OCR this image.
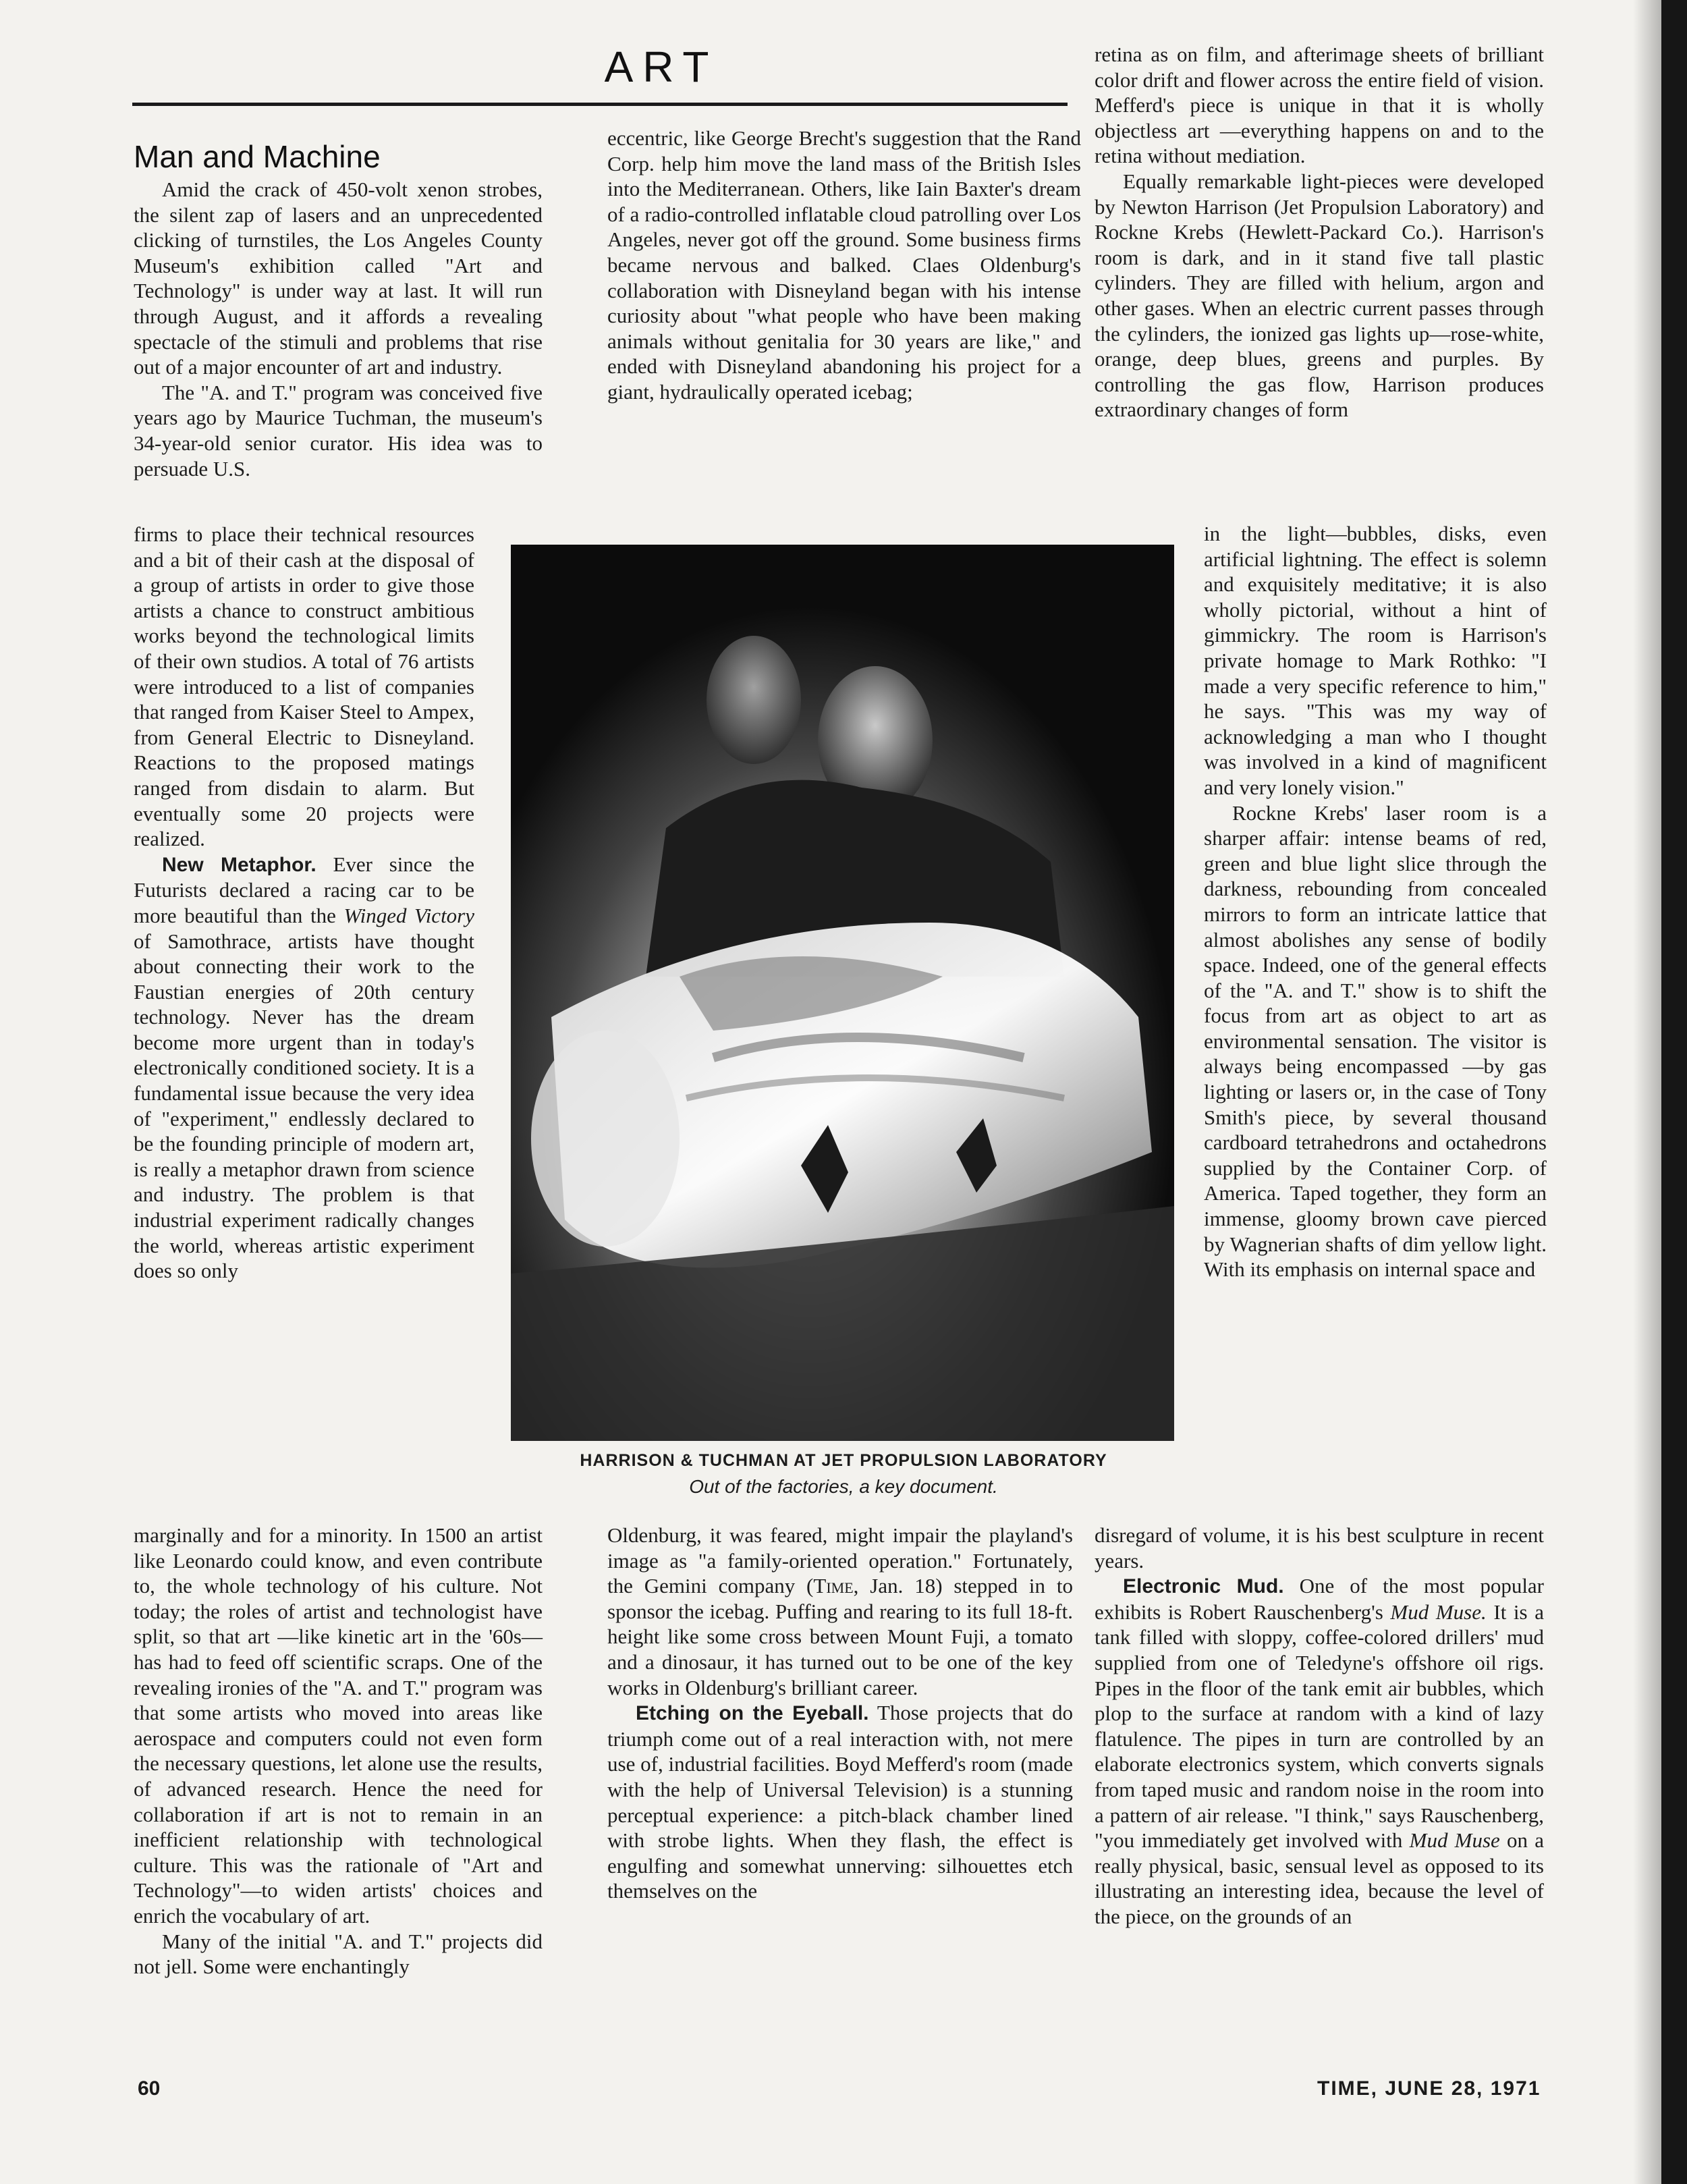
ART
Man and Machine

Amid the crack of 450-volt xenon strobes, the silent zap of lasers and an unprecedented clicking of turnstiles, the Los Angeles County Museum's exhibition called "Art and Technology" is under way at last. It will run through August, and it affords a revealing spectacle of the stimuli and problems that rise out of a major encounter of art and industry.

The "A. and T." program was conceived five years ago by Maurice Tuchman, the museum's 34-year-old senior curator. His idea was to persuade U.S.

firms to place their technical resources and a bit of their cash at the disposal of a group of artists in order to give those artists a chance to construct ambitious works beyond the technological limits of their own studios. A total of 76 artists were introduced to a list of companies that ranged from Kaiser Steel to Ampex, from General Electric to Disneyland. Reactions to the proposed matings ranged from disdain to alarm. But eventually some 20 projects were realized.

New Metaphor. Ever since the Futurists declared a racing car to be more beautiful than the Winged Victory of Samothrace, artists have thought about connecting their work to the Faustian energies of 20th century technology. Never has the dream become more urgent than in today's electronically conditioned society. It is a fundamental issue because the very idea of "experiment," endlessly declared to be the founding principle of modern art, is really a metaphor drawn from science and industry. The problem is that industrial experiment radically changes the world, whereas artistic experiment does so only

marginally and for a minority. In 1500 an artist like Leonardo could know, and even contribute to, the whole technology of his culture. Not today; the roles of artist and technologist have split, so that art —like kinetic art in the '60s—has had to feed off scientific scraps. One of the revealing ironies of the "A. and T." program was that some artists who moved into areas like aerospace and computers could not even form the necessary questions, let alone use the results, of advanced research. Hence the need for collaboration if art is not to remain in an inefficient relationship with technological culture. This was the rationale of "Art and Technology"—to widen artists' choices and enrich the vocabulary of art.

Many of the initial "A. and T." projects did not jell. Some were enchantingly

eccentric, like George Brecht's suggestion that the Rand Corp. help him move the land mass of the British Isles into the Mediterranean. Others, like Iain Baxter's dream of a radio-controlled inflatable cloud patrolling over Los Angeles, never got off the ground. Some business firms became nervous and balked. Claes Oldenburg's collaboration with Disneyland began with his intense curiosity about "what people who have been making animals without genitalia for 30 years are like," and ended with Disneyland abandoning his project for a giant, hydraulically operated icebag;

Oldenburg, it was feared, might impair the playland's image as "a family-oriented operation." Fortunately, the Gemini company (Time, Jan. 18) stepped in to sponsor the icebag. Puffing and rearing to its full 18-ft. height like some cross between Mount Fuji, a tomato and a dinosaur, it has turned out to be one of the key works in Oldenburg's brilliant career.

Etching on the Eyeball. Those projects that do triumph come out of a real interaction with, not mere use of, industrial facilities. Boyd Mefferd's room (made with the help of Universal Television) is a stunning perceptual experience: a pitch-black chamber lined with strobe lights. When they flash, the effect is engulfing and somewhat unnerving: silhouettes etch themselves on the

retina as on film, and afterimage sheets of brilliant color drift and flower across the entire field of vision. Mefferd's piece is unique in that it is wholly objectless art —everything happens on and to the retina without mediation.

Equally remarkable light-pieces were developed by Newton Harrison (Jet Propulsion Laboratory) and Rockne Krebs (Hewlett-Packard Co.). Harrison's room is dark, and in it stand five tall plastic cylinders. They are filled with helium, argon and other gases. When an electric current passes through the cylinders, the ionized gas lights up—rose-white, orange, deep blues, greens and purples. By controlling the gas flow, Harrison produces extraordinary changes of form

in the light—bubbles, disks, even artificial lightning. The effect is solemn and exquisitely meditative; it is also wholly pictorial, without a hint of gimmickry. The room is Harrison's private homage to Mark Rothko: "I made a very specific reference to him," he says. "This was my way of acknowledging a man who I thought was involved in a kind of magnificent and very lonely vision."

Rockne Krebs' laser room is a sharper affair: intense beams of red, green and blue light slice through the darkness, rebounding from concealed mirrors to form an intricate lattice that almost abolishes any sense of bodily space. Indeed, one of the general effects of the "A. and T." show is to shift the focus from art as object to art as environmental sensation. The visitor is always being encompassed —by gas lighting or lasers or, in the case of Tony Smith's piece, by several thousand cardboard tetrahedrons and octahedrons supplied by the Container Corp. of America. Taped together, they form an immense, gloomy brown cave pierced by Wagnerian shafts of dim yellow light. With its emphasis on internal space and

disregard of volume, it is his best sculpture in recent years.

Electronic Mud. One of the most popular exhibits is Robert Rauschenberg's Mud Muse. It is a tank filled with sloppy, coffee-colored drillers' mud supplied from one of Teledyne's offshore oil rigs. Pipes in the floor of the tank emit air bubbles, which plop to the surface at random with a kind of lazy flatulence. The pipes in turn are controlled by an elaborate electronics system, which converts signals from taped music and random noise in the room into a pattern of air release. "I think," says Rauschenberg, "you immediately get involved with Mud Muse on a really physical, basic, sensual level as opposed to its illustrating an interesting idea, because the level of the piece, on the grounds of an

HARRISON & TUCHMAN AT JET PROPULSION LABORATORY
Out of the factories, a key document.
60	TIME, JUNE 28, 1971
